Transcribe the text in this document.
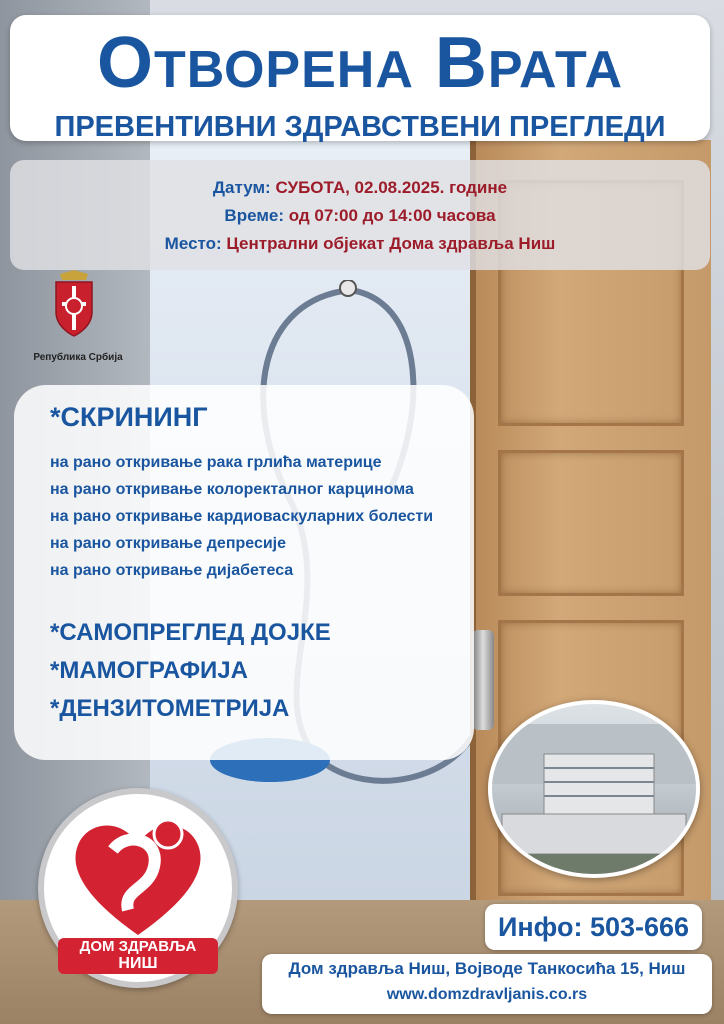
ОТВОРЕНА ВРАТА
ПРЕВЕНТИВНИ ЗДРАВСТВЕНИ ПРЕГЛЕДИ
Датум: СУБОТА, 02.08.2025. године
Време: од 07:00 до 14:00 часова
Место: Централни објекат Дома здравља Ниш
Република Србија
*СКРИНИНГ
на рано откривање рака грлића материце
на рано откривање колоректалног карцинома
на рано откривање кардиоваскуларних болести
на рано откривање депресије
на рано откривање дијабетеса
*САМОПРЕГЛЕД ДОЈКЕ
*МАМОГРАФИЈА
*ДЕНЗИТОМЕТРИЈА
ДОМ ЗДРАВЉА
НИШ
Инфо: 503-666
Дом здравља Ниш, Војводе Танкосића 15, Ниш
www.domzdravljanis.co.rs
